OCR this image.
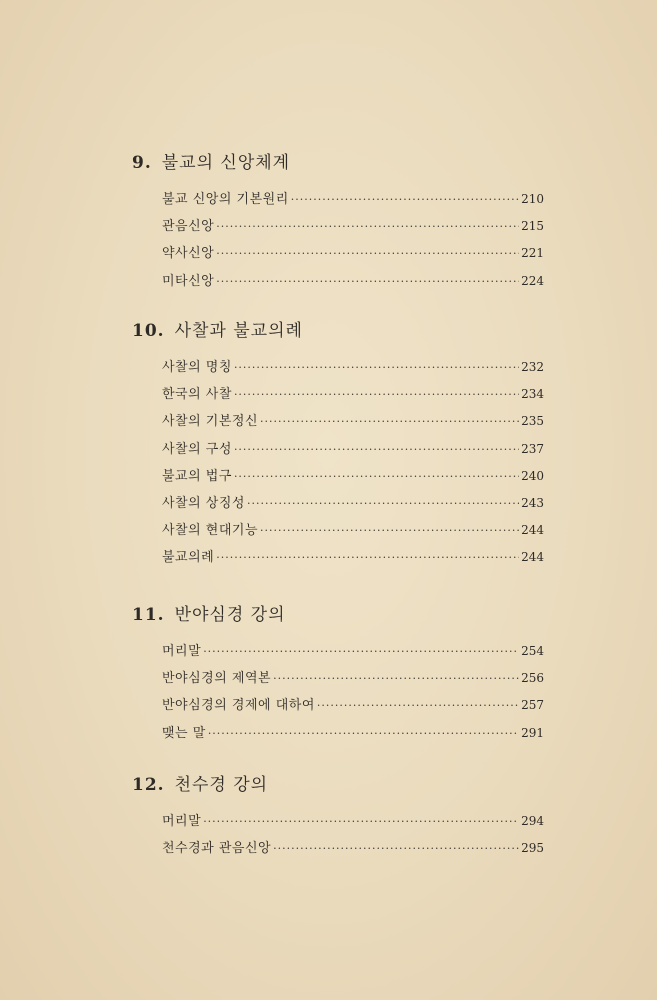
9. 불교의 신앙체계
불교 신앙의 기본원리 ·····	210
관음신앙 ·····	215
약사신앙 ·····	221
미타신앙 ·····	224
10. 사찰과 불교의례
사찰의 명칭 ·····	232
한국의 사찰 ·····	234
사찰의 기본정신 ·····	235
사찰의 구성 ·····	237
불교의 법구 ·····	240
사찰의 상징성 ·····	243
사찰의 현대기능 ·····	244
불교의례 ·····	244
11. 반야심경 강의
머리말 ·····	254
반야심경의 제역본 ·····	256
반야심경의 경제에 대하여 ·····	257
맺는 말 ·····	291
12. 천수경 강의
머리말 ·····	294
천수경과 관음신앙 ·····	295
